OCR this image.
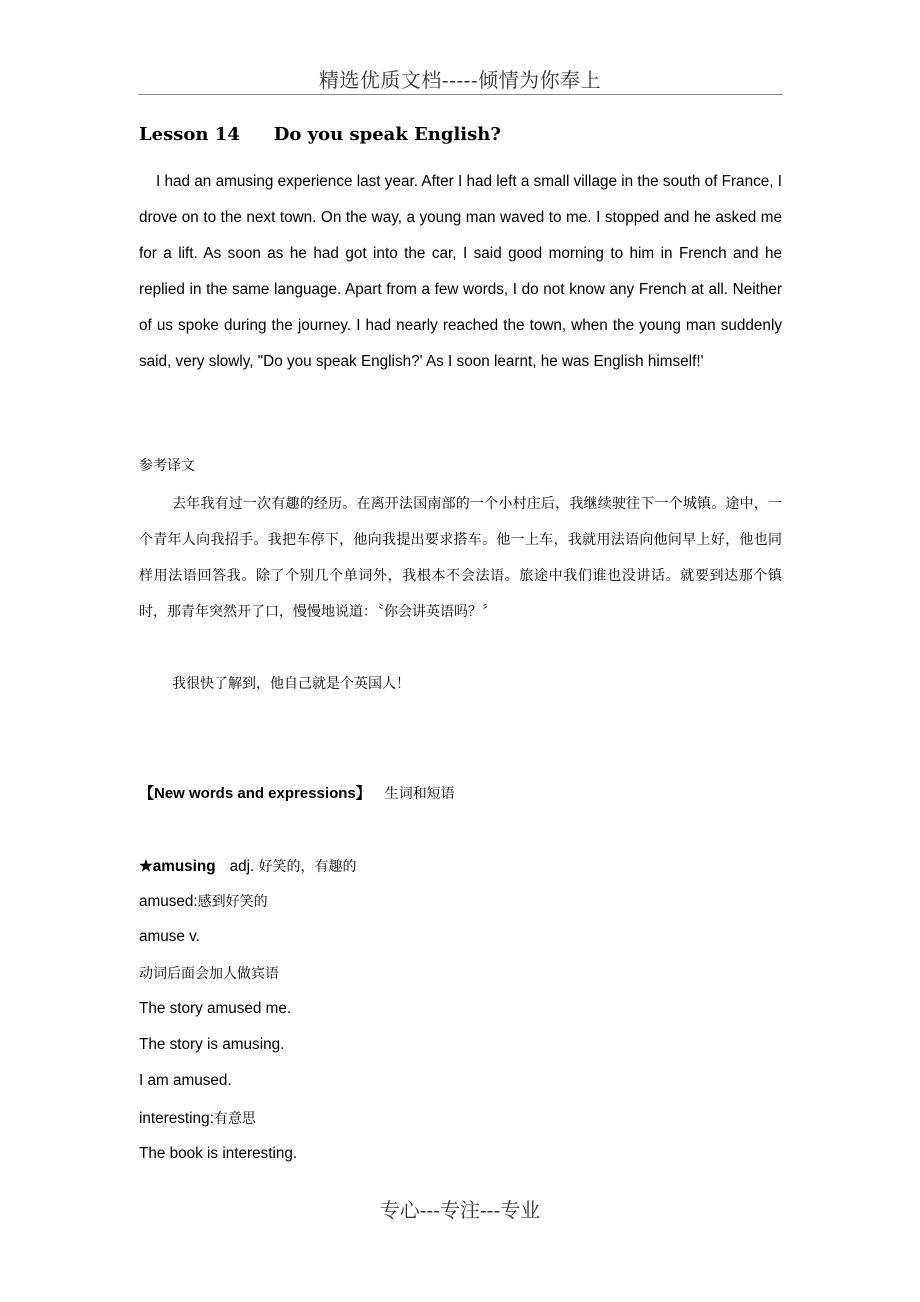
精选优质文档-----倾情为你奉上
Lesson 14 Do you speak English?

I had an amusing experience last year. After I had left a small village in the south of France, I drove on to the next town. On the way, a young man waved to me. I stopped and he asked me for a lift. As soon as he had got into the car, I said good morning to him in French and he replied in the same language. Apart from a few words, I do not know any French at all. Neither of us spoke during the journey. I had nearly reached the town, when the young man suddenly said, very slowly, "Do you speak English?' As I soon learnt, he was English himself!'

参考译文

去年我有过一次有趣的经历。在离开法国南部的一个小村庄后，我继续驶往下一个城镇。途中，一个青年人向我招手。我把车停下，他向我提出要求搭车。他一上车，我就用法语向他问早上好，他也同样用法语回答我。除了个别几个单词外，我根本不会法语。旅途中我们谁也没讲话。就要到达那个镇时，那青年突然开了口，慢慢地说道：〝你会讲英语吗？〞

我很快了解到，他自己就是个英国人！

【New words and expressions】 生词和短语
★amusing adj. 好笑的，有趣的
amused:感到好笑的
amuse v.
动词后面会加人做宾语
The story amused me.
The story is amusing.
I am amused.
interesting:有意思
The book is interesting.
专心---专注---专业
